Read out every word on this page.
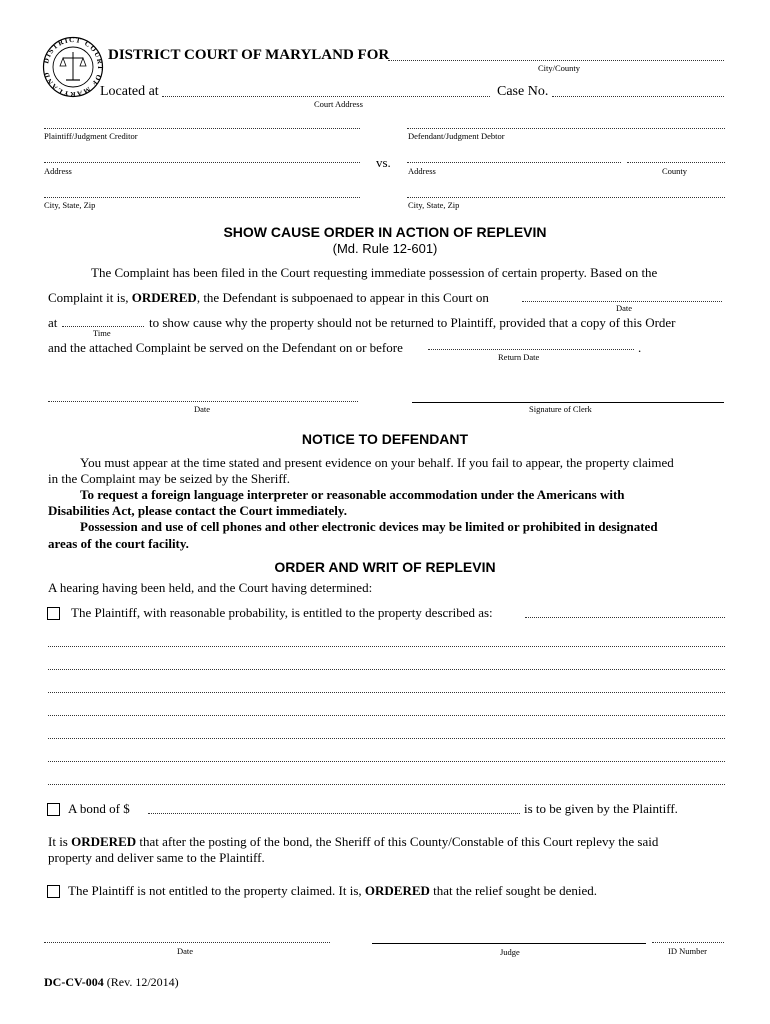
DISTRICT COURT OF MARYLAND
DISTRICT COURT OF MARYLAND FOR
City/County
Located at
Court Address
Case No.
Plaintiff/Judgment Creditor	Defendant/Judgment Debtor
vs.
Address	Address	County
City, State, Zip	City, State, Zip
SHOW CAUSE ORDER IN ACTION OF REPLEVIN
(Md. Rule 12-601)
The Complaint has been filed in the Court requesting immediate possession of certain property. Based on the
Complaint it is, ORDERED, the Defendant is subpoenaed to appear in this Court on
Date
at
Time
to show cause why the property should not be returned to Plaintiff, provided that a copy of this Order
and the attached Complaint be served on the Defendant on or before
Return Date
.
Date	Signature of Clerk
NOTICE TO DEFENDANT
You must appear at the time stated and present evidence on your behalf. If you fail to appear, the property claimed
in the Complaint may be seized by the Sheriff.
To request a foreign language interpreter or reasonable accommodation under the Americans with
Disabilities Act, please contact the Court immediately.
Possession and use of cell phones and other electronic devices may be limited or prohibited in designated
areas of the court facility.
ORDER AND WRIT OF REPLEVIN
A hearing having been held, and the Court having determined:
The Plaintiff, with reasonable probability, is entitled to the property described as:
A bond of $	is to be given by the Plaintiff.
It is ORDERED that after the posting of the bond, the Sheriff of this County/Constable of this Court replevy the said
property and deliver same to the Plaintiff.
The Plaintiff is not entitled to the property claimed. It is, ORDERED that the relief sought be denied.
Date	Judge	ID Number
DC-CV-004 (Rev. 12/2014)
